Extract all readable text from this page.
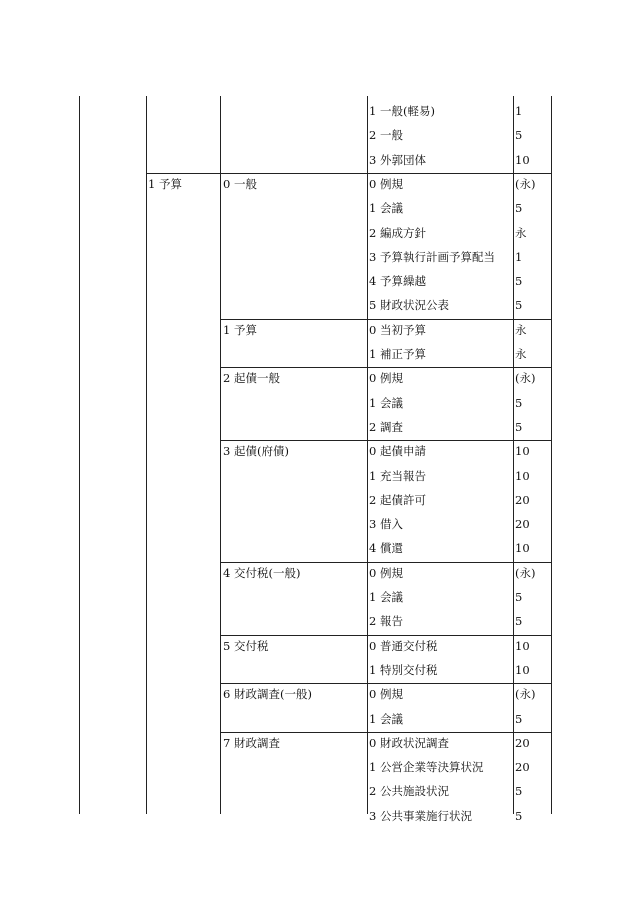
1 一般(軽易)	1
2 一般	5
3 外郭団体	10
1 予算	0 一般	0 例規	(永)
1 会議	5
2 編成方針	永
3 予算執行計画予算配当 1
4 予算繰越	5
5 財政状況公表	5
1 予算	0 当初予算	永
1 補正予算	永
2 起債一般	0 例規	(永)
1 会議	5
2 調査	5
3 起債(府債)	0 起債申請	10
1 充当報告	10
2 起債許可	20
3 借入	20
4 償還	10
4 交付税(一般)	0 例規	(永)
1 会議	5
2 報告	5
5 交付税	0 普通交付税	10
1 特別交付税	10
6 財政調査(一般)	0 例規	(永)
1 会議	5
7 財政調査	0 財政状況調査	20
1 公営企業等決算状況	20
2 公共施設状況	5
3 公共事業施行状況	5
